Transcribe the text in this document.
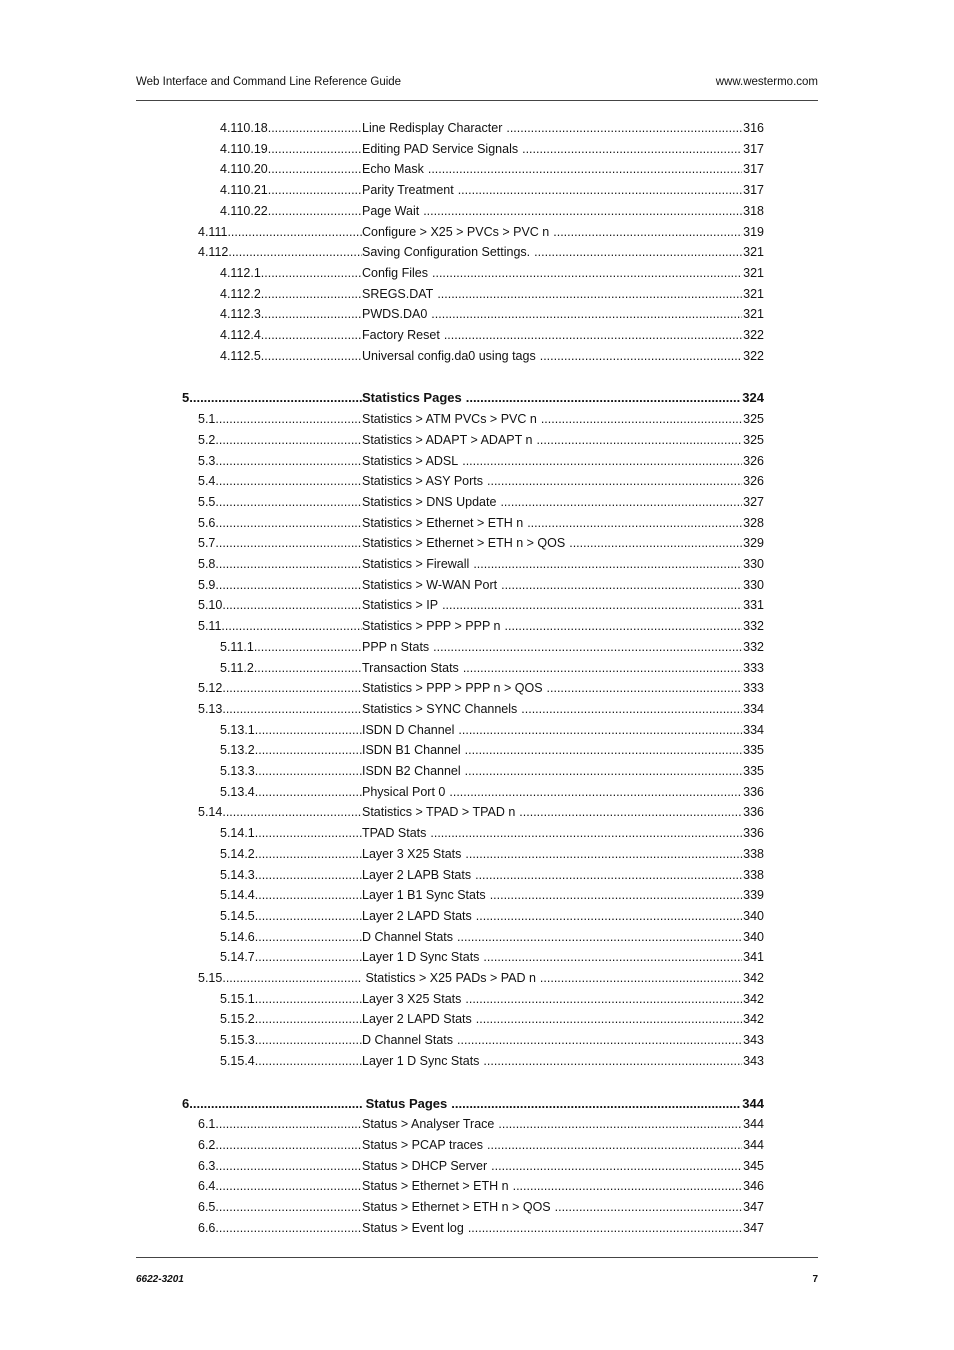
Web Interface and Command Line Reference Guide	www.westermo.com
4.110.18 .....	Line Redisplay Character .....	316
4.110.19 .....	Editing PAD Service Signals .....	317
4.110.20 .....	Echo Mask .....	317
4.110.21 .....	Parity Treatment .....	317
4.110.22 .....	Page Wait .....	318
4.111 .....	Configure > X25 > PVCs > PVC n .....	319
4.112 .....	Saving Configuration Settings. .....	321
4.112.1 .....	Config Files .....	321
4.112.2 .....	SREGS.DAT .....	321
4.112.3 .....	PWDS.DA0 .....	321
4.112.4 .....	Factory Reset .....	322
4.112.5 .....	Universal config.da0 using tags .....	322
5 .....	Statistics Pages .....	324
5.1 .....	Statistics > ATM PVCs > PVC n .....	325
5.2 .....	Statistics > ADAPT > ADAPT n .....	325
5.3 .....	Statistics > ADSL .....	326
5.4 .....	Statistics > ASY Ports .....	326
5.5 .....	Statistics > DNS Update .....	327
5.6 .....	Statistics > Ethernet > ETH n .....	328
5.7 .....	Statistics > Ethernet > ETH n > QOS .....	329
5.8 .....	Statistics > Firewall .....	330
5.9 .....	Statistics > W-WAN Port .....	330
5.10 .....	Statistics > IP .....	331
5.11 .....	Statistics > PPP > PPP n .....	332
5.11.1 .....	PPP n Stats .....	332
5.11.2 .....	Transaction Stats .....	333
5.12 .....	Statistics > PPP > PPP n > QOS .....	333
5.13 .....	Statistics > SYNC Channels .....	334
5.13.1 .....	ISDN D Channel .....	334
5.13.2 .....	ISDN B1 Channel .....	335
5.13.3 .....	ISDN B2 Channel .....	335
5.13.4 .....	Physical Port 0 .....	336
5.14 .....	Statistics > TPAD > TPAD n .....	336
5.14.1 .....	TPAD Stats .....	336
5.14.2 .....	Layer 3 X25 Stats .....	338
5.14.3 .....	Layer 2 LAPB Stats .....	338
5.14.4 .....	Layer 1 B1 Sync Stats .....	339
5.14.5 .....	Layer 2 LAPD Stats .....	340
5.14.6 .....	D Channel Stats .....	340
5.14.7 .....	Layer 1 D Sync Stats .....	341
5.15 .....	Statistics > X25 PADs > PAD n .....	342
5.15.1 .....	Layer 3 X25 Stats .....	342
5.15.2 .....	Layer 2 LAPD Stats .....	342
5.15.3 .....	D Channel Stats .....	343
5.15.4 .....	Layer 1 D Sync Stats .....	343
6 .....	Status Pages .....	344
6.1 .....	Status > Analyser Trace .....	344
6.2 .....	Status > PCAP traces .....	344
6.3 .....	Status > DHCP Server .....	345
6.4 .....	Status > Ethernet > ETH n .....	346
6.5 .....	Status > Ethernet > ETH n > QOS .....	347
6.6 .....	Status > Event log .....	347
6622-3201	7
